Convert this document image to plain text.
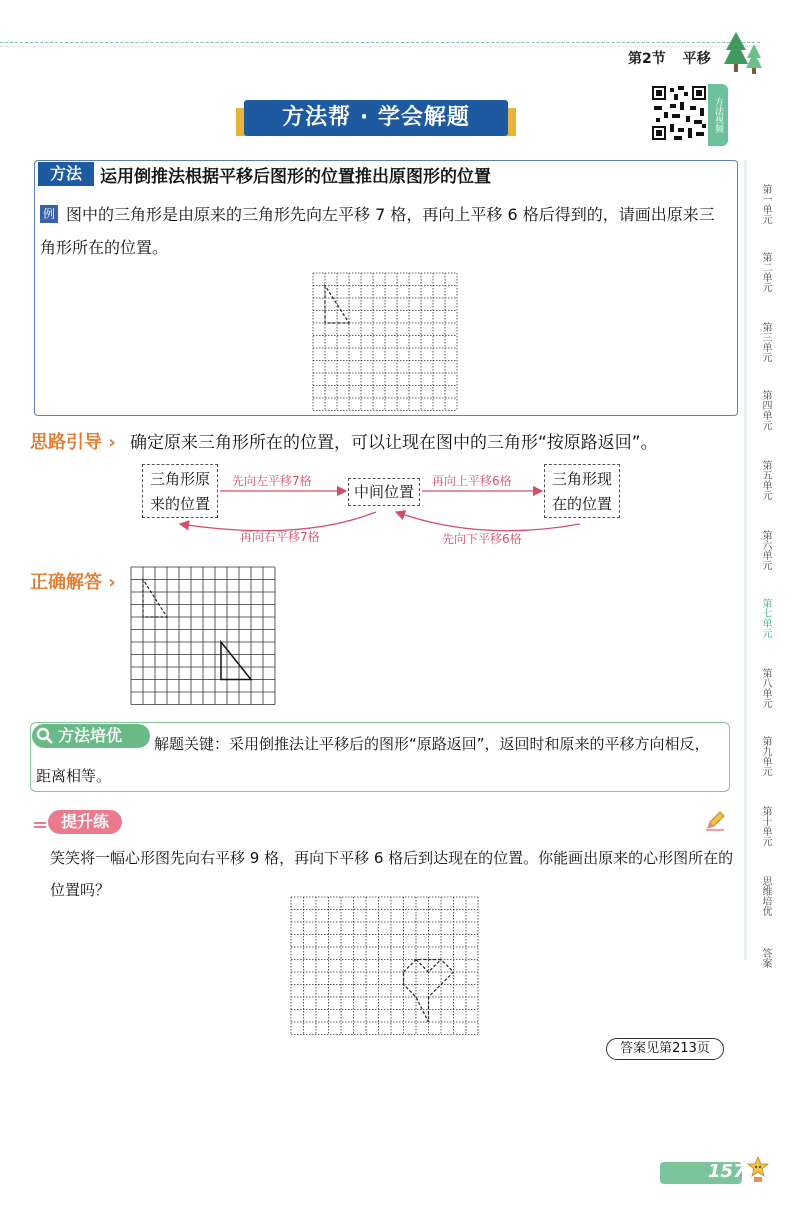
第2节 平移
方法帮 · 学会解题	方法视频
第一单元
第二单元
第三单元
第四单元
第五单元
第六单元
第七单元
第八单元
第九单元
第十单元
思维培优
答案
方法	运用倒推法根据平移后图形的位置推出原图形的位置
例 图中的三角形是由原来的三角形先向左平移 7 格，再向上平移 6 格后得到的，请画出原来三角形所在的位置。
思路引导 › 确定原来三角形所在的位置，可以让现在图中的三角形“按原路返回”。
三角形原
来的位置
中间位置
三角形现
在的位置
先向左平移7格	再向上平移6格
再向右平移7格	先向下平移6格
正确解答 ›
方法培优	解题关键：采用倒推法让平移后的图形“原路返回”，返回时和原来的平移方向相反，距离相等。
提升练
笑笑将一幅心形图先向右平移 9 格，再向下平移 6 格后到达现在的位置。你能画出原来的心形图所在的位置吗？
答案见第213页
157
